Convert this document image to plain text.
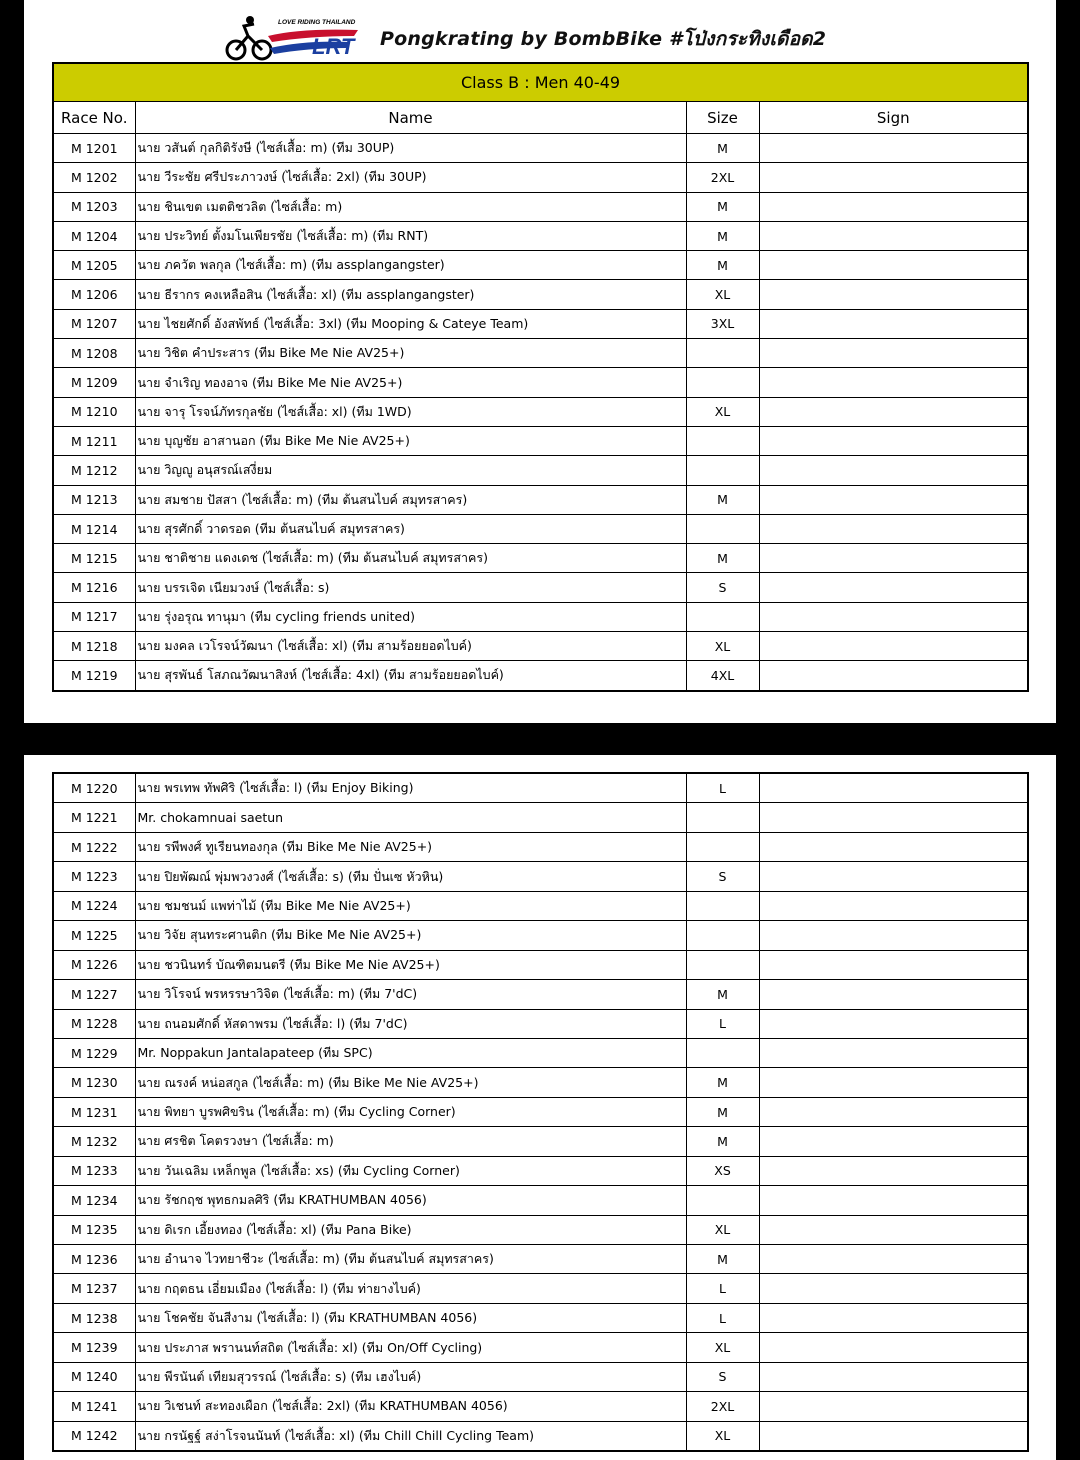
LRT
LOVE RIDING THAILAND
Pongkrating by BombBike #โป่งกระทิงเดือด2
Class B : Men 40-49			
Race No.	Name	Size	Sign
M 1201	นาย วสันต์ กุลกิติรังษี (ไซส์เสื้อ: m) (ทีม 30UP)	M	
M 1202	นาย วีระชัย ศรีประภาวงษ์ (ไซส์เสื้อ: 2xl) (ทีม 30UP)	2XL	
M 1203	นาย ชินเขต เมตติชวลิต (ไซส์เสื้อ: m)	M	
M 1204	นาย ประวิทย์ ตั้งมโนเพียรชัย (ไซส์เสื้อ: m) (ทีม RNT)	M	
M 1205	นาย ภควัต พลกุล (ไซส์เสื้อ: m) (ทีม assplangangster)	M	
M 1206	นาย ธีรากร คงเหลือสิน (ไซส์เสื้อ: xl) (ทีม assplangangster)	XL	
M 1207	นาย ไชยศักดิ์ อังสพัทธ์ (ไซส์เสื้อ: 3xl) (ทีม Mooping & Cateye Team)	3XL	
M 1208	นาย วิชิต คำประสาร (ทีม Bike Me Nie AV25+)		
M 1209	นาย จำเริญ ทองอาจ (ทีม Bike Me Nie AV25+)		
M 1210	นาย จารุ โรจน์ภัทรกุลชัย (ไซส์เสื้อ: xl) (ทีม 1WD)	XL	
M 1211	นาย บุญชัย อาสานอก (ทีม Bike Me Nie AV25+)		
M 1212	นาย วิญญู อนุสรณ์เสงี่ยม		
M 1213	นาย สมชาย ปัสสา (ไซส์เสื้อ: m) (ทีม ต้นสนไบค์ สมุทรสาคร)	M	
M 1214	นาย สุรศักดิ์ วาดรอด (ทีม ต้นสนไบค์ สมุทรสาคร)		
M 1215	นาย ชาติชาย แดงเดช (ไซส์เสื้อ: m) (ทีม ต้นสนไบค์ สมุทรสาคร)	M	
M 1216	นาย บรรเจิด เนียมวงษ์ (ไซส์เสื้อ: s)	S	
M 1217	นาย รุ่งอรุณ ทานุมา (ทีม cycling friends united)		
M 1218	นาย มงคล เวโรจน์วัฒนา (ไซส์เสื้อ: xl) (ทีม สามร้อยยอดไบค์)	XL	
M 1219	นาย สุรพันธ์ โสภณวัฒนาสิงห์ (ไซส์เสื้อ: 4xl) (ทีม สามร้อยยอดไบค์)	4XL	
M 1220	นาย พรเทพ ทัพศิริ (ไซส์เสื้อ: l) (ทีม Enjoy Biking)	L	
M 1221	Mr. chokamnuai saetun		
M 1222	นาย รพีพงศ์ ทูเรียนทองกุล (ทีม Bike Me Nie AV25+)		
M 1223	นาย ปิยพัฒณ์ พุ่มพวงวงศ์ (ไซส์เสื้อ: s) (ทีม ปั่นเซ หัวหิน)	S	
M 1224	นาย ชมชนม์ แพท่าไม้ (ทีม Bike Me Nie AV25+)		
M 1225	นาย วิจัย สุนทระศานติก (ทีม Bike Me Nie AV25+)		
M 1226	นาย ชวนินทร์ บัณฑิตมนตรี (ทีม Bike Me Nie AV25+)		
M 1227	นาย วิโรจน์ พรหรรษาวิจิต (ไซส์เสื้อ: m) (ทีม 7'dC)	M	
M 1228	นาย ถนอมศักดิ์ หัสดาพรม (ไซส์เสื้อ: l) (ทีม 7'dC)	L	
M 1229	Mr. Noppakun Jantalapateep (ทีม SPC)		
M 1230	นาย ณรงค์ หน่อสกูล (ไซส์เสื้อ: m) (ทีม Bike Me Nie AV25+)	M	
M 1231	นาย พิทยา บูรพศิขริน (ไซส์เสื้อ: m) (ทีม Cycling Corner)	M	
M 1232	นาย ศรชิต โคตรวงษา (ไซส์เสื้อ: m)	M	
M 1233	นาย วันเฉลิม เหล็กพูล (ไซส์เสื้อ: xs) (ทีม Cycling Corner)	XS	
M 1234	นาย รัชกฤช พุทธกมลศิริ (ทีม KRATHUMBAN 4056)		
M 1235	นาย ดิเรก เอี้ยงทอง (ไซส์เสื้อ: xl) (ทีม Pana Bike)	XL	
M 1236	นาย อำนาจ ไวทยาชีวะ (ไซส์เสื้อ: m) (ทีม ต้นสนไบค์ สมุทรสาคร)	M	
M 1237	นาย กฤตธน เอี่ยมเมือง (ไซส์เสื้อ: l) (ทีม ท่ายางไบค์)	L	
M 1238	นาย โชคชัย จันสีงาม (ไซส์เสื้อ: l) (ทีม KRATHUMBAN 4056)	L	
M 1239	นาย ประภาส พรานนท์สถิต (ไซส์เสื้อ: xl) (ทีม On/Off Cycling)	XL	
M 1240	นาย พีรนันต์ เทียมสุวรรณ์ (ไซส์เสื้อ: s) (ทีม เฮงไบค์)	S	
M 1241	นาย วิเชนท์ สะทองเผือก (ไซส์เสื้อ: 2xl) (ทีม KRATHUMBAN 4056)	2XL	
M 1242	นาย กรนัฐฐ์ สง่าโรจนนันท์ (ไซส์เสื้อ: xl) (ทีม Chill Chill Cycling Team)	XL	
